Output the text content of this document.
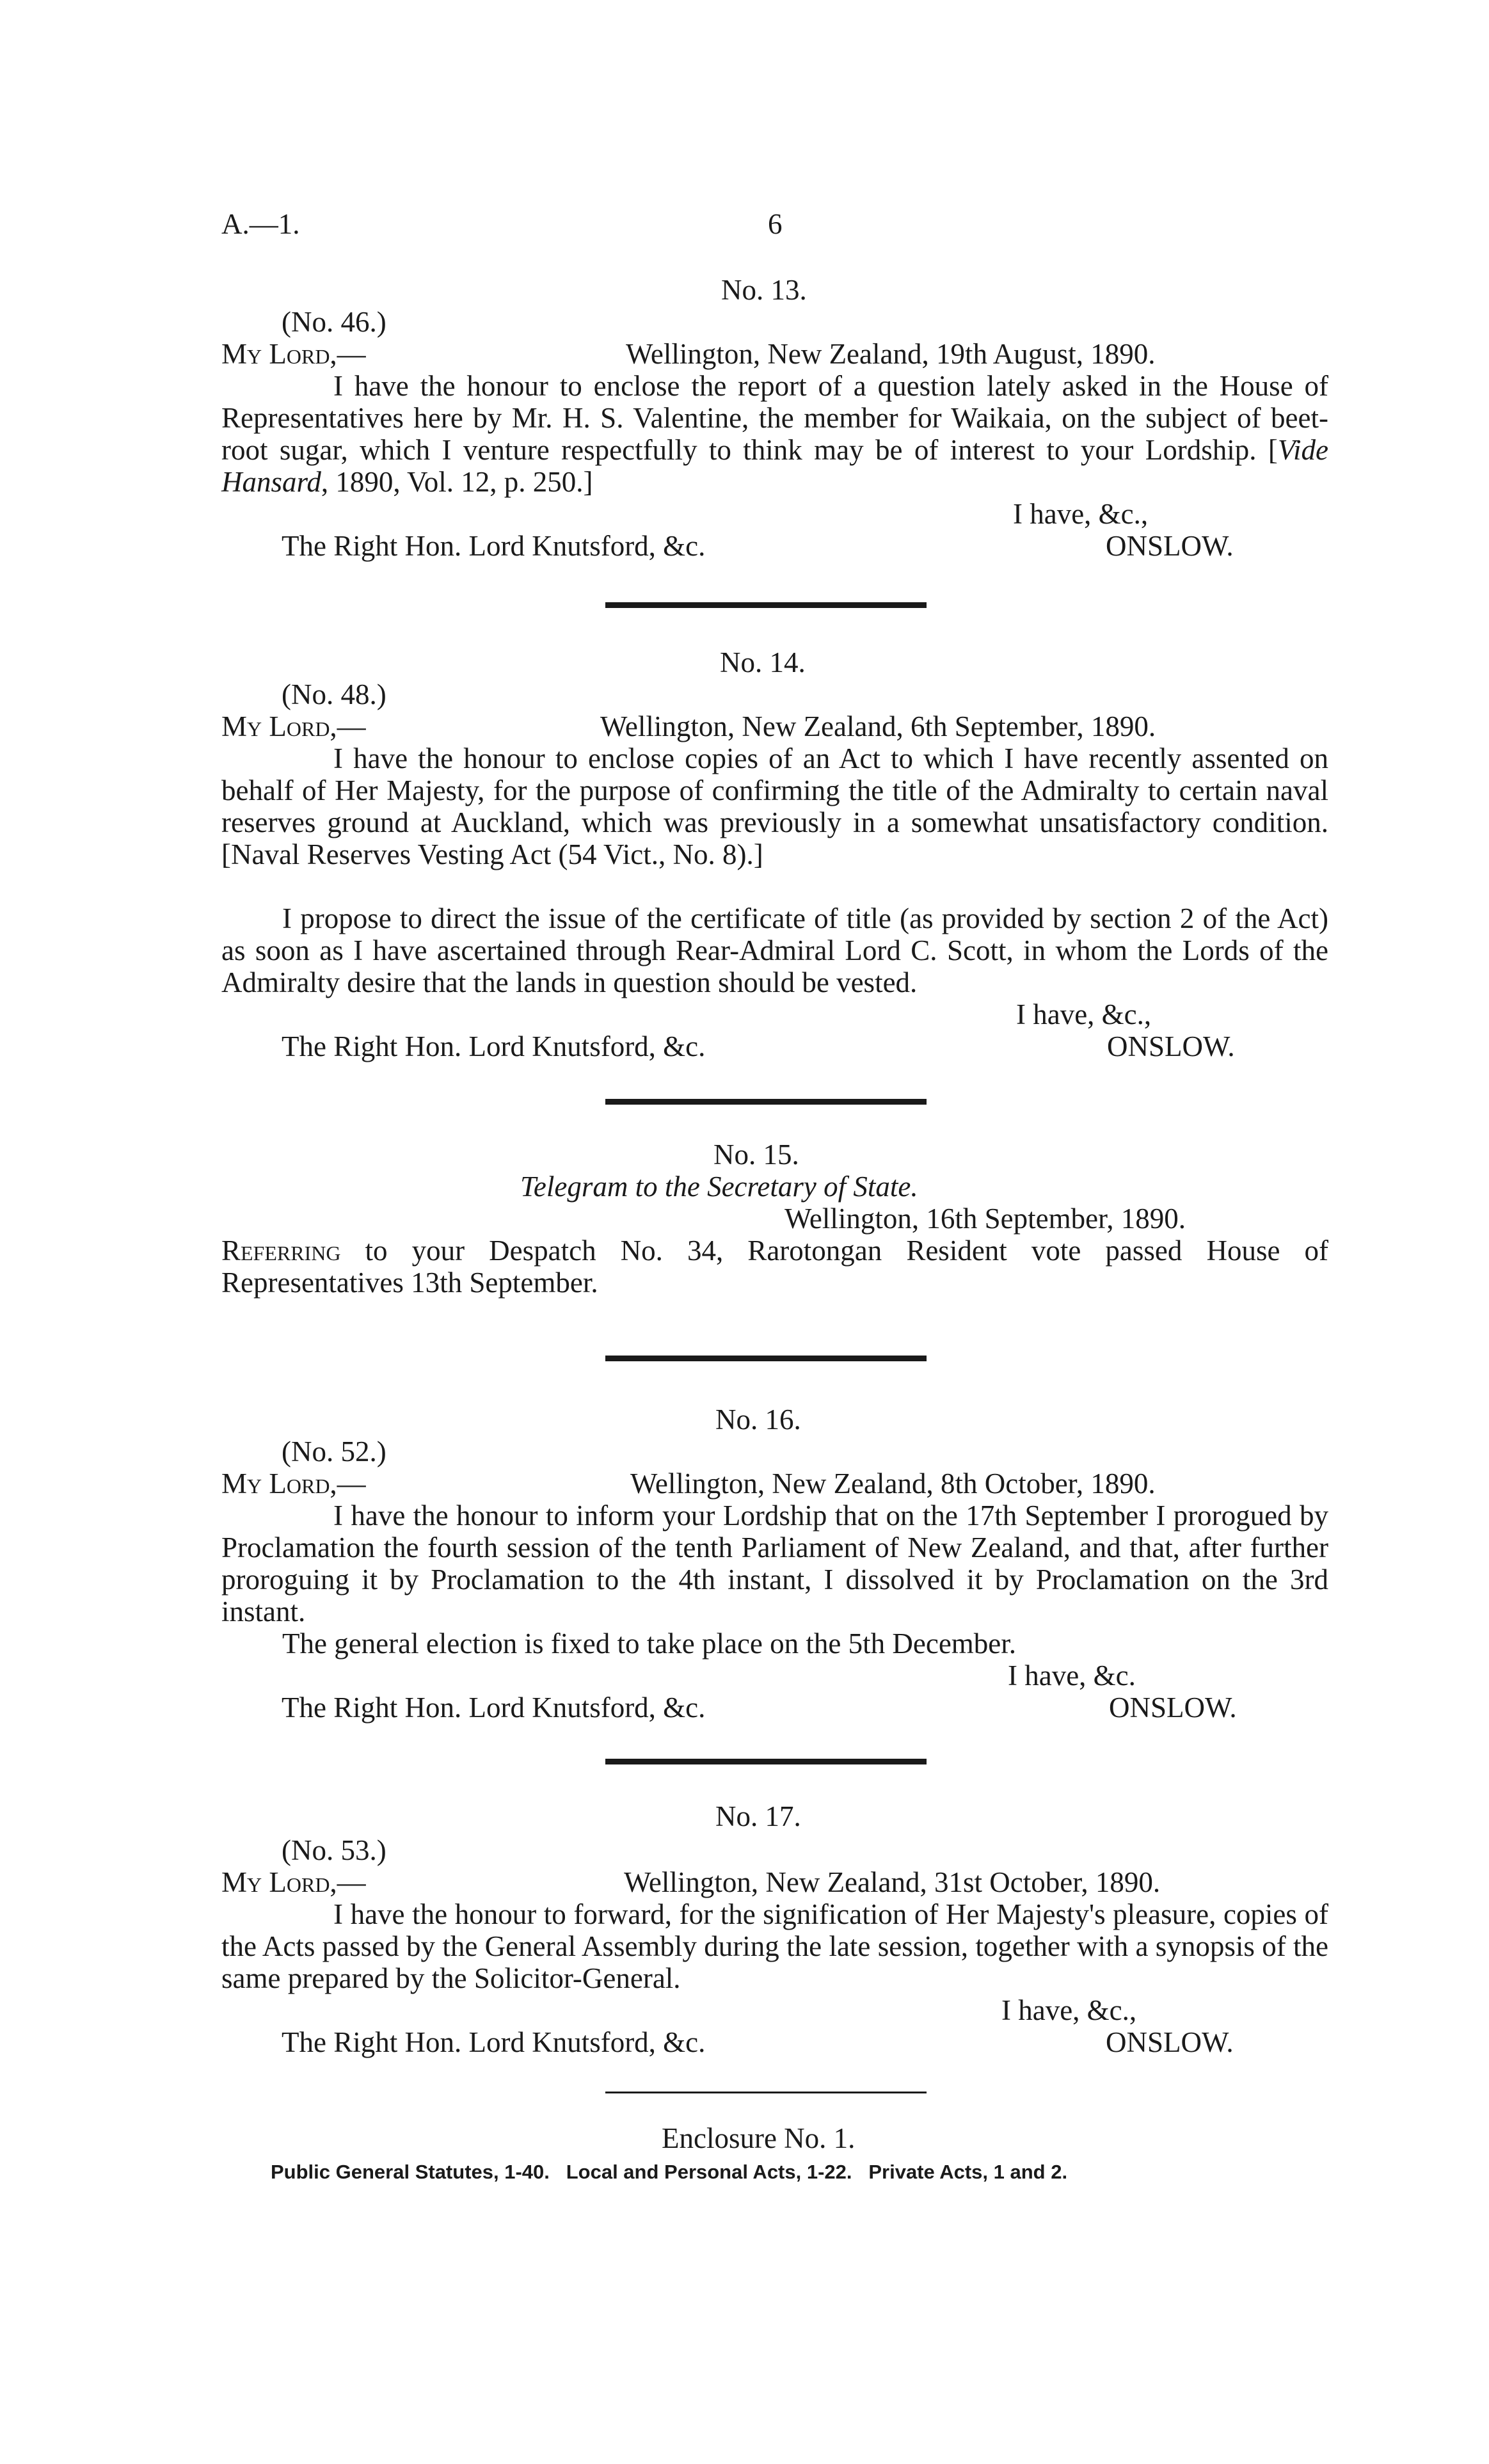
A.—1.	6
No. 13.
(No. 46.)
My Lord,—	Wellington, New Zealand, 19th August, 1890.
I have the honour to enclose the report of a question lately asked in the House of Representatives here by Mr. H. S. Valentine, the member for Waikaia, on the subject of beet-root sugar, which I venture respectfully to think may be of interest to your Lordship. [Vide Hansard, 1890, Vol. 12, p. 250.]
I have, &c.,
The Right Hon. Lord Knutsford, &c.	ONSLOW.
No. 14.
(No. 48.)
My Lord,—	Wellington, New Zealand, 6th September, 1890.
I have the honour to enclose copies of an Act to which I have recently assented on behalf of Her Majesty, for the purpose of confirming the title of the Admiralty to certain naval reserves ground at Auckland, which was previously in a somewhat unsatisfactory condition. [Naval Reserves Vesting Act (54 Vict., No. 8).]
I propose to direct the issue of the certificate of title (as provided by section 2 of the Act) as soon as I have ascertained through Rear-Admiral Lord C. Scott, in whom the Lords of the Admiralty desire that the lands in question should be vested.
I have, &c.,
The Right Hon. Lord Knutsford, &c.	ONSLOW.
No. 15.
Telegram to the Secretary of State.
Wellington, 16th September, 1890.
Referring to your Despatch No. 34, Rarotongan Resident vote passed House of Representatives 13th September.
No. 16.
(No. 52.)
My Lord,—	Wellington, New Zealand, 8th October, 1890.
I have the honour to inform your Lordship that on the 17th September I prorogued by Proclamation the fourth session of the tenth Parliament of New Zealand, and that, after further proroguing it by Proclamation to the 4th instant, I dissolved it by Proclamation on the 3rd instant.
The general election is fixed to take place on the 5th December.
I have, &c.
The Right Hon. Lord Knutsford, &c.	ONSLOW.
No. 17.
(No. 53.)
My Lord,—	Wellington, New Zealand, 31st October, 1890.
I have the honour to forward, for the signification of Her Majesty's pleasure, copies of the Acts passed by the General Assembly during the late session, together with a synopsis of the same prepared by the Solicitor-General.
I have, &c.,
The Right Hon. Lord Knutsford, &c.	ONSLOW.
Enclosure No. 1.
Public General Statutes, 1-40.   Local and Personal Acts, 1-22.   Private Acts, 1 and 2.
